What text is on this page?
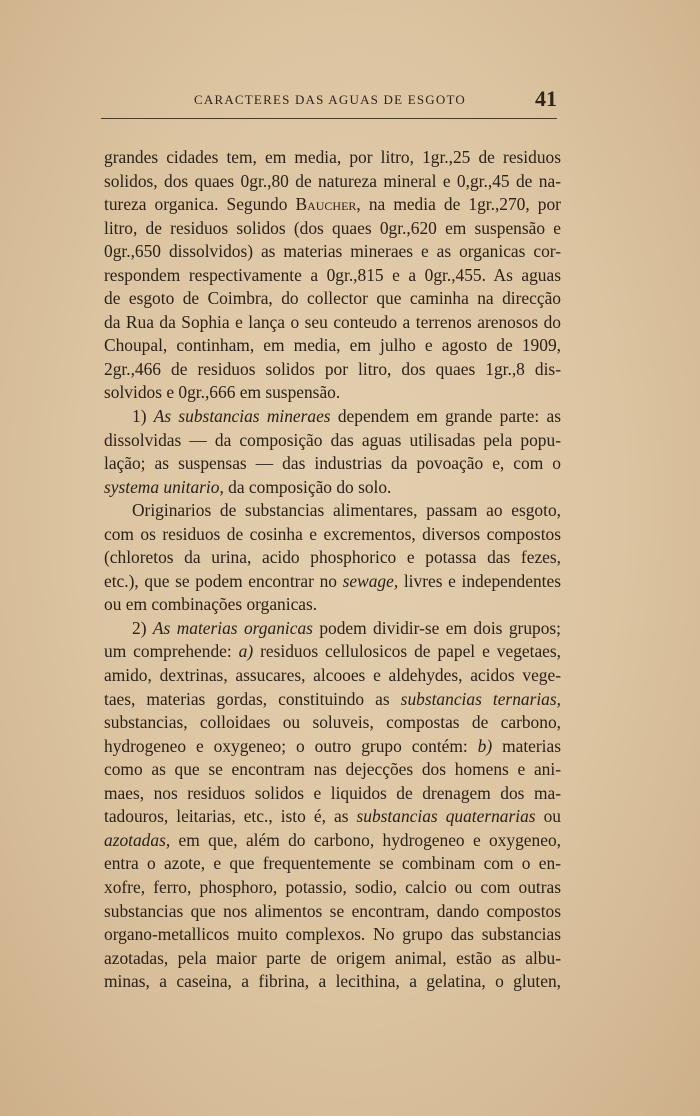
CARACTERES DAS AGUAS DE ESGOTO	41
grandes cidades tem, em media, por litro, 1gr.,25 de residuos
solidos, dos quaes 0gr.,80 de natureza mineral e 0,gr.,45 de na-
tureza organica. Segundo Baucher, na media de 1gr.,270, por
litro, de residuos solidos (dos quaes 0gr.,620 em suspensão e
0gr.,650 dissolvidos) as materias mineraes e as organicas cor-
respondem respectivamente a 0gr.,815 e a 0gr.,455. As aguas
de esgoto de Coimbra, do collector que caminha na direcção
da Rua da Sophia e lança o seu conteudo a terrenos arenosos do
Choupal, continham, em media, em julho e agosto de 1909,
2gr.,466 de residuos solidos por litro, dos quaes 1gr.,8 dis-
solvidos e 0gr.,666 em suspensão.
1) As substancias mineraes dependem em grande parte: as
dissolvidas — da composição das aguas utilisadas pela popu-
lação; as suspensas — das industrias da povoação e, com o
systema unitario, da composição do solo.
Originarios de substancias alimentares, passam ao esgoto,
com os residuos de cosinha e excrementos, diversos compostos
(chloretos da urina, acido phosphorico e potassa das fezes,
etc.), que se podem encontrar no sewage, livres e independentes
ou em combinações organicas.
2) As materias organicas podem dividir-se em dois grupos;
um comprehende: a) residuos cellulosicos de papel e vegetaes,
amido, dextrinas, assucares, alcooes e aldehydes, acidos vege-
taes, materias gordas, constituindo as substancias ternarias,
substancias, colloidaes ou soluveis, compostas de carbono,
hydrogeneo e oxygeneo; o outro grupo contém: b) materias
como as que se encontram nas dejecções dos homens e ani-
maes, nos residuos solidos e liquidos de drenagem dos ma-
tadouros, leitarias, etc., isto é, as substancias quaternarias ou
azotadas, em que, além do carbono, hydrogeneo e oxygeneo,
entra o azote, e que frequentemente se combinam com o en-
xofre, ferro, phosphoro, potassio, sodio, calcio ou com outras
substancias que nos alimentos se encontram, dando compostos
organo-metallicos muito complexos. No grupo das substancias
azotadas, pela maior parte de origem animal, estão as albu-
minas, a caseina, a fibrina, a lecithina, a gelatina, o gluten,
